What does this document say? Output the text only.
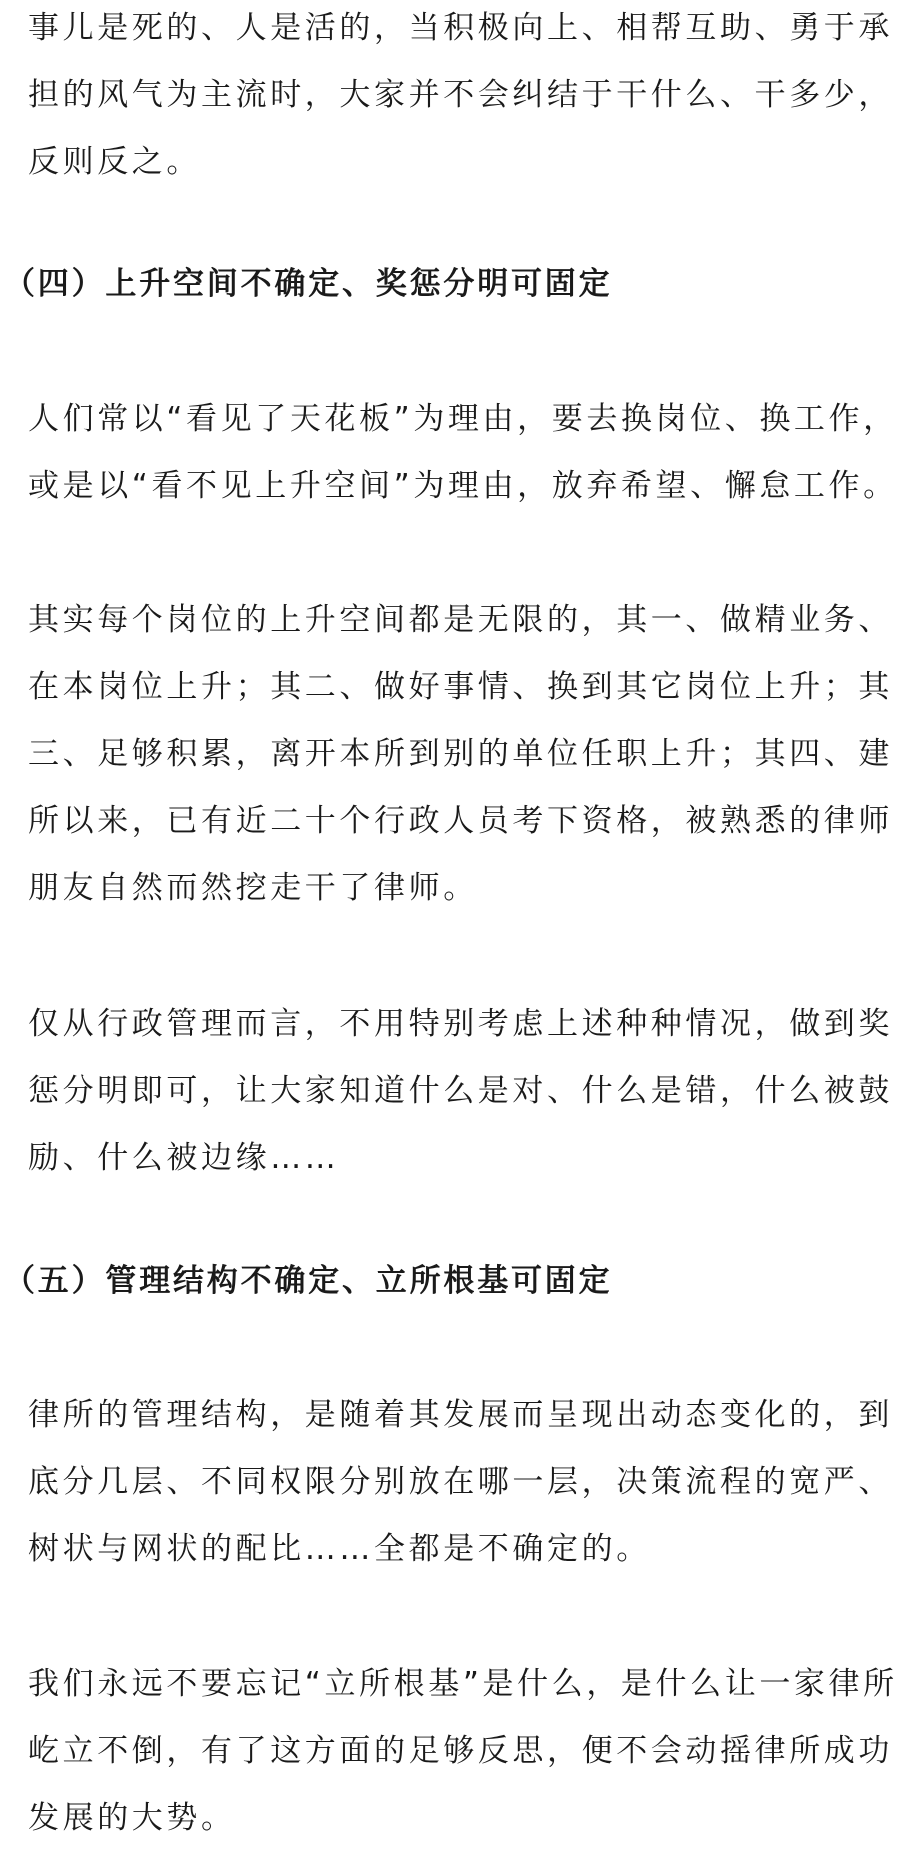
事儿是死的、人是活的，当积极向上、相帮互助、勇于承
担的风气为主流时，大家并不会纠结于干什么、干多少，
反则反之。
（四）上升空间不确定、奖惩分明可固定
人们常以“看见了天花板”为理由，要去换岗位、换工作，
或是以“看不见上升空间”为理由，放弃希望、懈怠工作。
其实每个岗位的上升空间都是无限的，其一、做精业务、
在本岗位上升；其二、做好事情、换到其它岗位上升；其
三、足够积累，离开本所到别的单位任职上升；其四、建
所以来，已有近二十个行政人员考下资格，被熟悉的律师
朋友自然而然挖走干了律师。
仅从行政管理而言，不用特别考虑上述种种情况，做到奖
惩分明即可，让大家知道什么是对、什么是错，什么被鼓
励、什么被边缘……
（五）管理结构不确定、立所根基可固定
律所的管理结构，是随着其发展而呈现出动态变化的，到
底分几层、不同权限分别放在哪一层，决策流程的宽严、
树状与网状的配比……全都是不确定的。
我们永远不要忘记“立所根基”是什么，是什么让一家律所
屹立不倒，有了这方面的足够反思，便不会动摇律所成功
发展的大势。
